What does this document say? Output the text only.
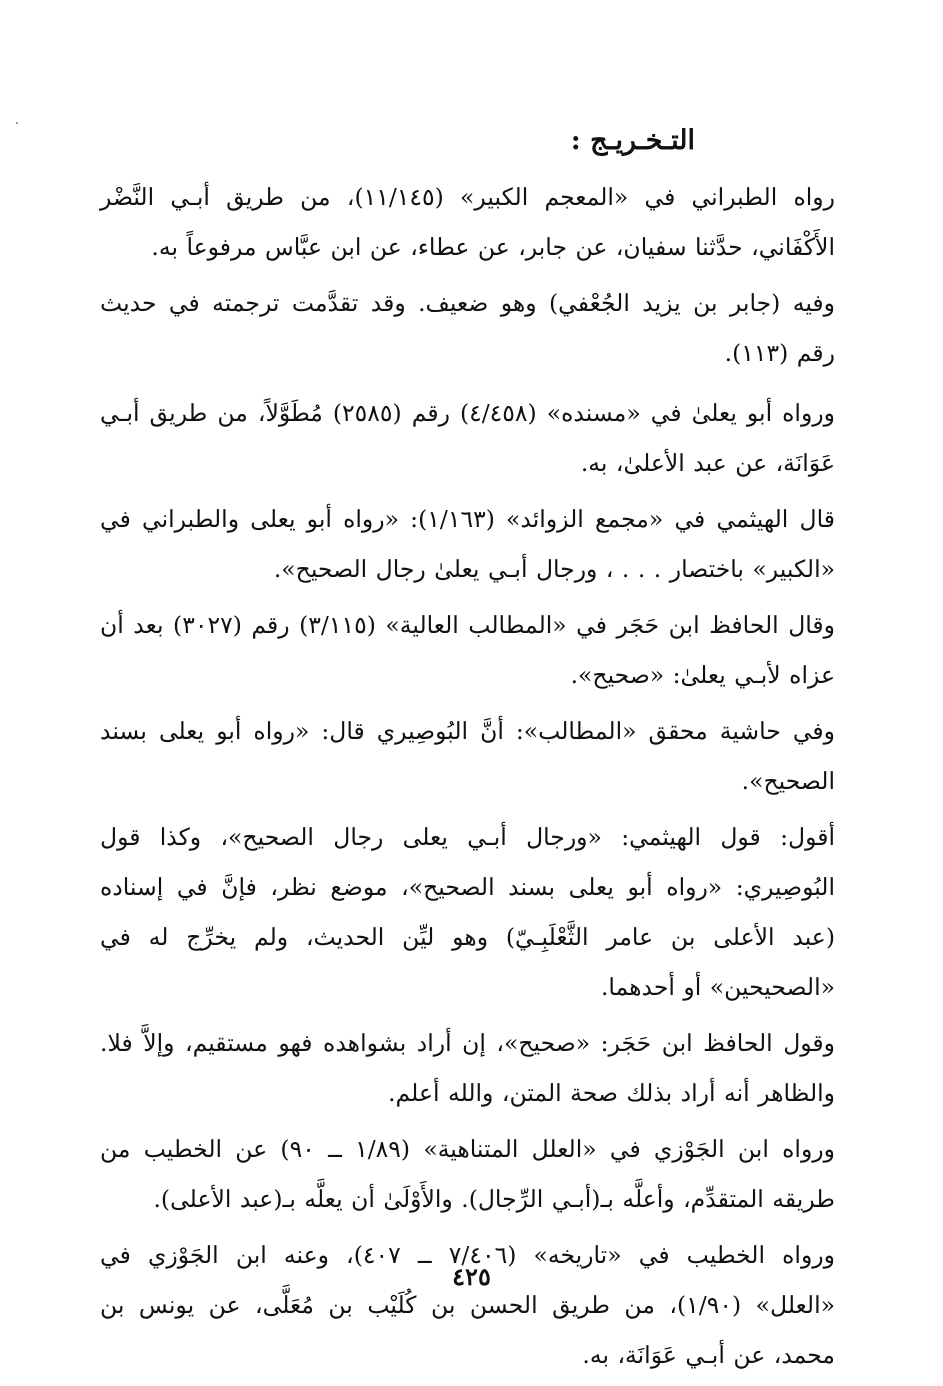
التـخـريـج :

رواه الطبراني في «المعجم الكبير» (١١/١٤٥)، من طريق أبـي النَّضْر الأَكْفَاني، حدَّثنا سفيان، عن جابر، عن عطاء، عن ابن عبَّاس مرفوعاً به.

وفيه (جابر بن يزيد الجُعْفي) وهو ضعيف. وقد تقدَّمت ترجمته في حديث رقم (١١٣).

ورواه أبو يعلىٰ في «مسنده» (٤/٤٥٨) رقم (٢٥٨٥) مُطَوَّلاً، من طريق أبـي عَوَانَة، عن عبد الأعلىٰ، به.

قال الهيثمي في «مجمع الزوائد» (١/١٦٣): «رواه أبو يعلى والطبراني في «الكبير» باختصار . . . ، ورجال أبـي يعلىٰ رجال الصحيح».

وقال الحافظ ابن حَجَر في «المطالب العالية» (٣/١١٥) رقم (٣٠٢٧) بعد أن عزاه لأبـي يعلىٰ: «صحيح».

وفي حاشية محقق «المطالب»: أنَّ البُوصِيري قال: «رواه أبو يعلى بسند الصحيح».

أقول: قول الهيثمي: «ورجال أبـي يعلى رجال الصحيح»، وكذا قول البُوصِيري: «رواه أبو يعلى بسند الصحيح»، موضع نظر، فإنَّ في إسناده (عبد الأعلى بن عامر الثَّعْلَبِـيّ) وهو ليِّن الحديث، ولم يخرِّج له في «الصحيحين» أو أحدهما.

وقول الحافظ ابن حَجَر: «صحيح»، إن أراد بشواهده فهو مستقيم، وإلاَّ فلا. والظاهر أنه أراد بذلك صحة المتن، والله أعلم.

ورواه ابن الجَوْزي في «العلل المتناهية» (١/٨٩ ــ ٩٠) عن الخطيب من طريقه المتقدِّم، وأعلَّه بـ(أبـي الرِّجال). والأَوْلَىٰ أن يعلَّه بـ(عبد الأعلى).

ورواه الخطيب في «تاريخه» (٧/٤٠٦ ــ ٤٠٧)، وعنه ابن الجَوْزي في «العلل» (١/٩٠)، من طريق الحسن بن كُلَيْب بن مُعَلَّى، عن يونس بن محمد، عن أبـي عَوَانَة، به.

٤٢٥
